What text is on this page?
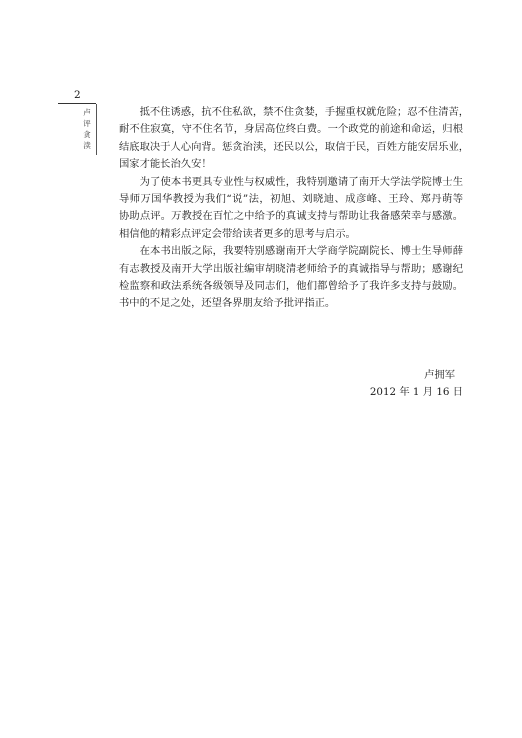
2
卢
评
贪
渎

抵不住诱惑，抗不住私欲，禁不住贪婪，手握重权就危险；忍不住清苦，
耐不住寂寞，守不住名节，身居高位终白费。一个政党的前途和命运，归根
结底取决于人心向背。惩贪治渎，还民以公，取信于民，百姓方能安居乐业，
国家才能长治久安！

为了使本书更具专业性与权威性，我特别邀请了南开大学法学院博士生
导师万国华教授为我们“说”法，初旭、刘晓迪、成彦峰、王玲、郑丹萌等
协助点评。万教授在百忙之中给予的真诚支持与帮助让我备感荣幸与感激。
相信他的精彩点评定会带给读者更多的思考与启示。

在本书出版之际，我要特别感谢南开大学商学院副院长、博士生导师薛
有志教授及南开大学出版社编审胡晓清老师给予的真诚指导与帮助；感谢纪
检监察和政法系统各级领导及同志们，他们都曾给予了我许多支持与鼓励。
书中的不足之处，还望各界朋友给予批评指正。

卢拥军
2012 年 1 月 16 日
